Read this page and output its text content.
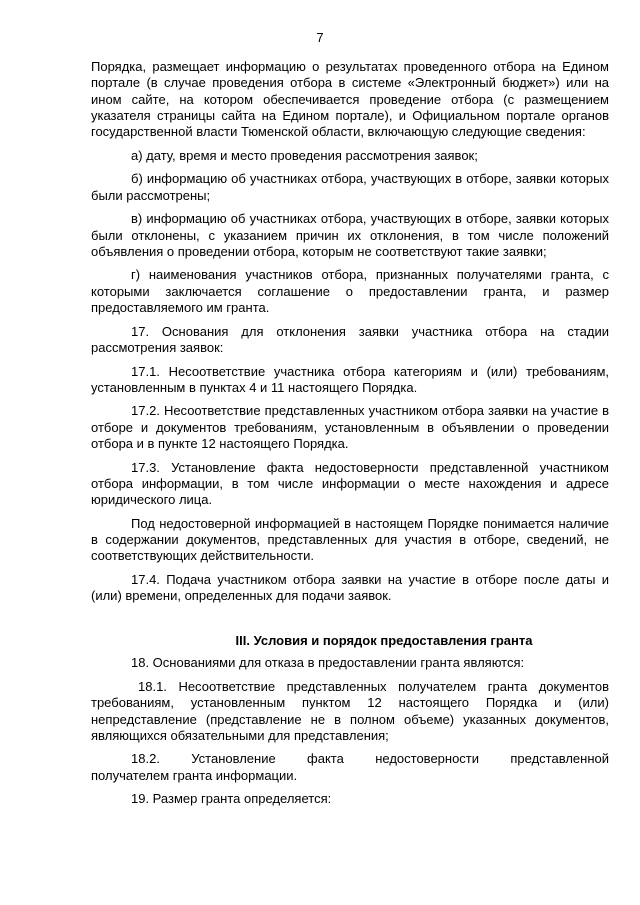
7

Порядка, размещает информацию о результатах проведенного отбора на Едином портале (в случае проведения отбора в системе «Электронный бюджет») или на ином сайте, на котором обеспечивается проведение отбора (с размещением указателя страницы сайта на Едином портале), и Официальном портале органов государственной власти Тюменской области, включающую следующие сведения:

а) дату, время и место проведения рассмотрения заявок;

б) информацию об участниках отбора, участвующих в отборе, заявки которых были рассмотрены;

в) информацию об участниках отбора, участвующих в отборе, заявки которых были отклонены, с указанием причин их отклонения, в том числе положений объявления о проведении отбора, которым не соответствуют такие заявки;

г) наименования участников отбора, признанных получателями гранта, с которыми заключается соглашение о предоставлении гранта, и размер предоставляемого им гранта.

17. Основания для отклонения заявки участника отбора на стадии рассмотрения заявок:

17.1. Несоответствие участника отбора категориям и (или) требованиям, установленным в пунктах 4 и 11 настоящего Порядка.

17.2. Несоответствие представленных участником отбора заявки на участие в отборе и документов требованиям, установленным в объявлении о проведении отбора и в пункте 12 настоящего Порядка.

17.3. Установление факта недостоверности представленной участником отбора информации, в том числе информации о месте нахождения и адресе юридического лица.

Под недостоверной информацией в настоящем Порядке понимается наличие в содержании документов, представленных для участия в отборе, сведений, не соответствующих действительности.

17.4. Подача участником отбора заявки на участие в отборе после даты и (или) времени, определенных для подачи заявок.

III. Условия и порядок предоставления гранта

18. Основаниями для отказа в предоставлении гранта являются:

18.1. Несоответствие представленных получателем гранта документов требованиям, установленным пунктом 12 настоящего Порядка и (или) непредставление (представление не в полном объеме) указанных документов, являющихся обязательными для представления;

18.2. Установление факта недостоверности представленной
получателем гранта информации.

19. Размер гранта определяется:
